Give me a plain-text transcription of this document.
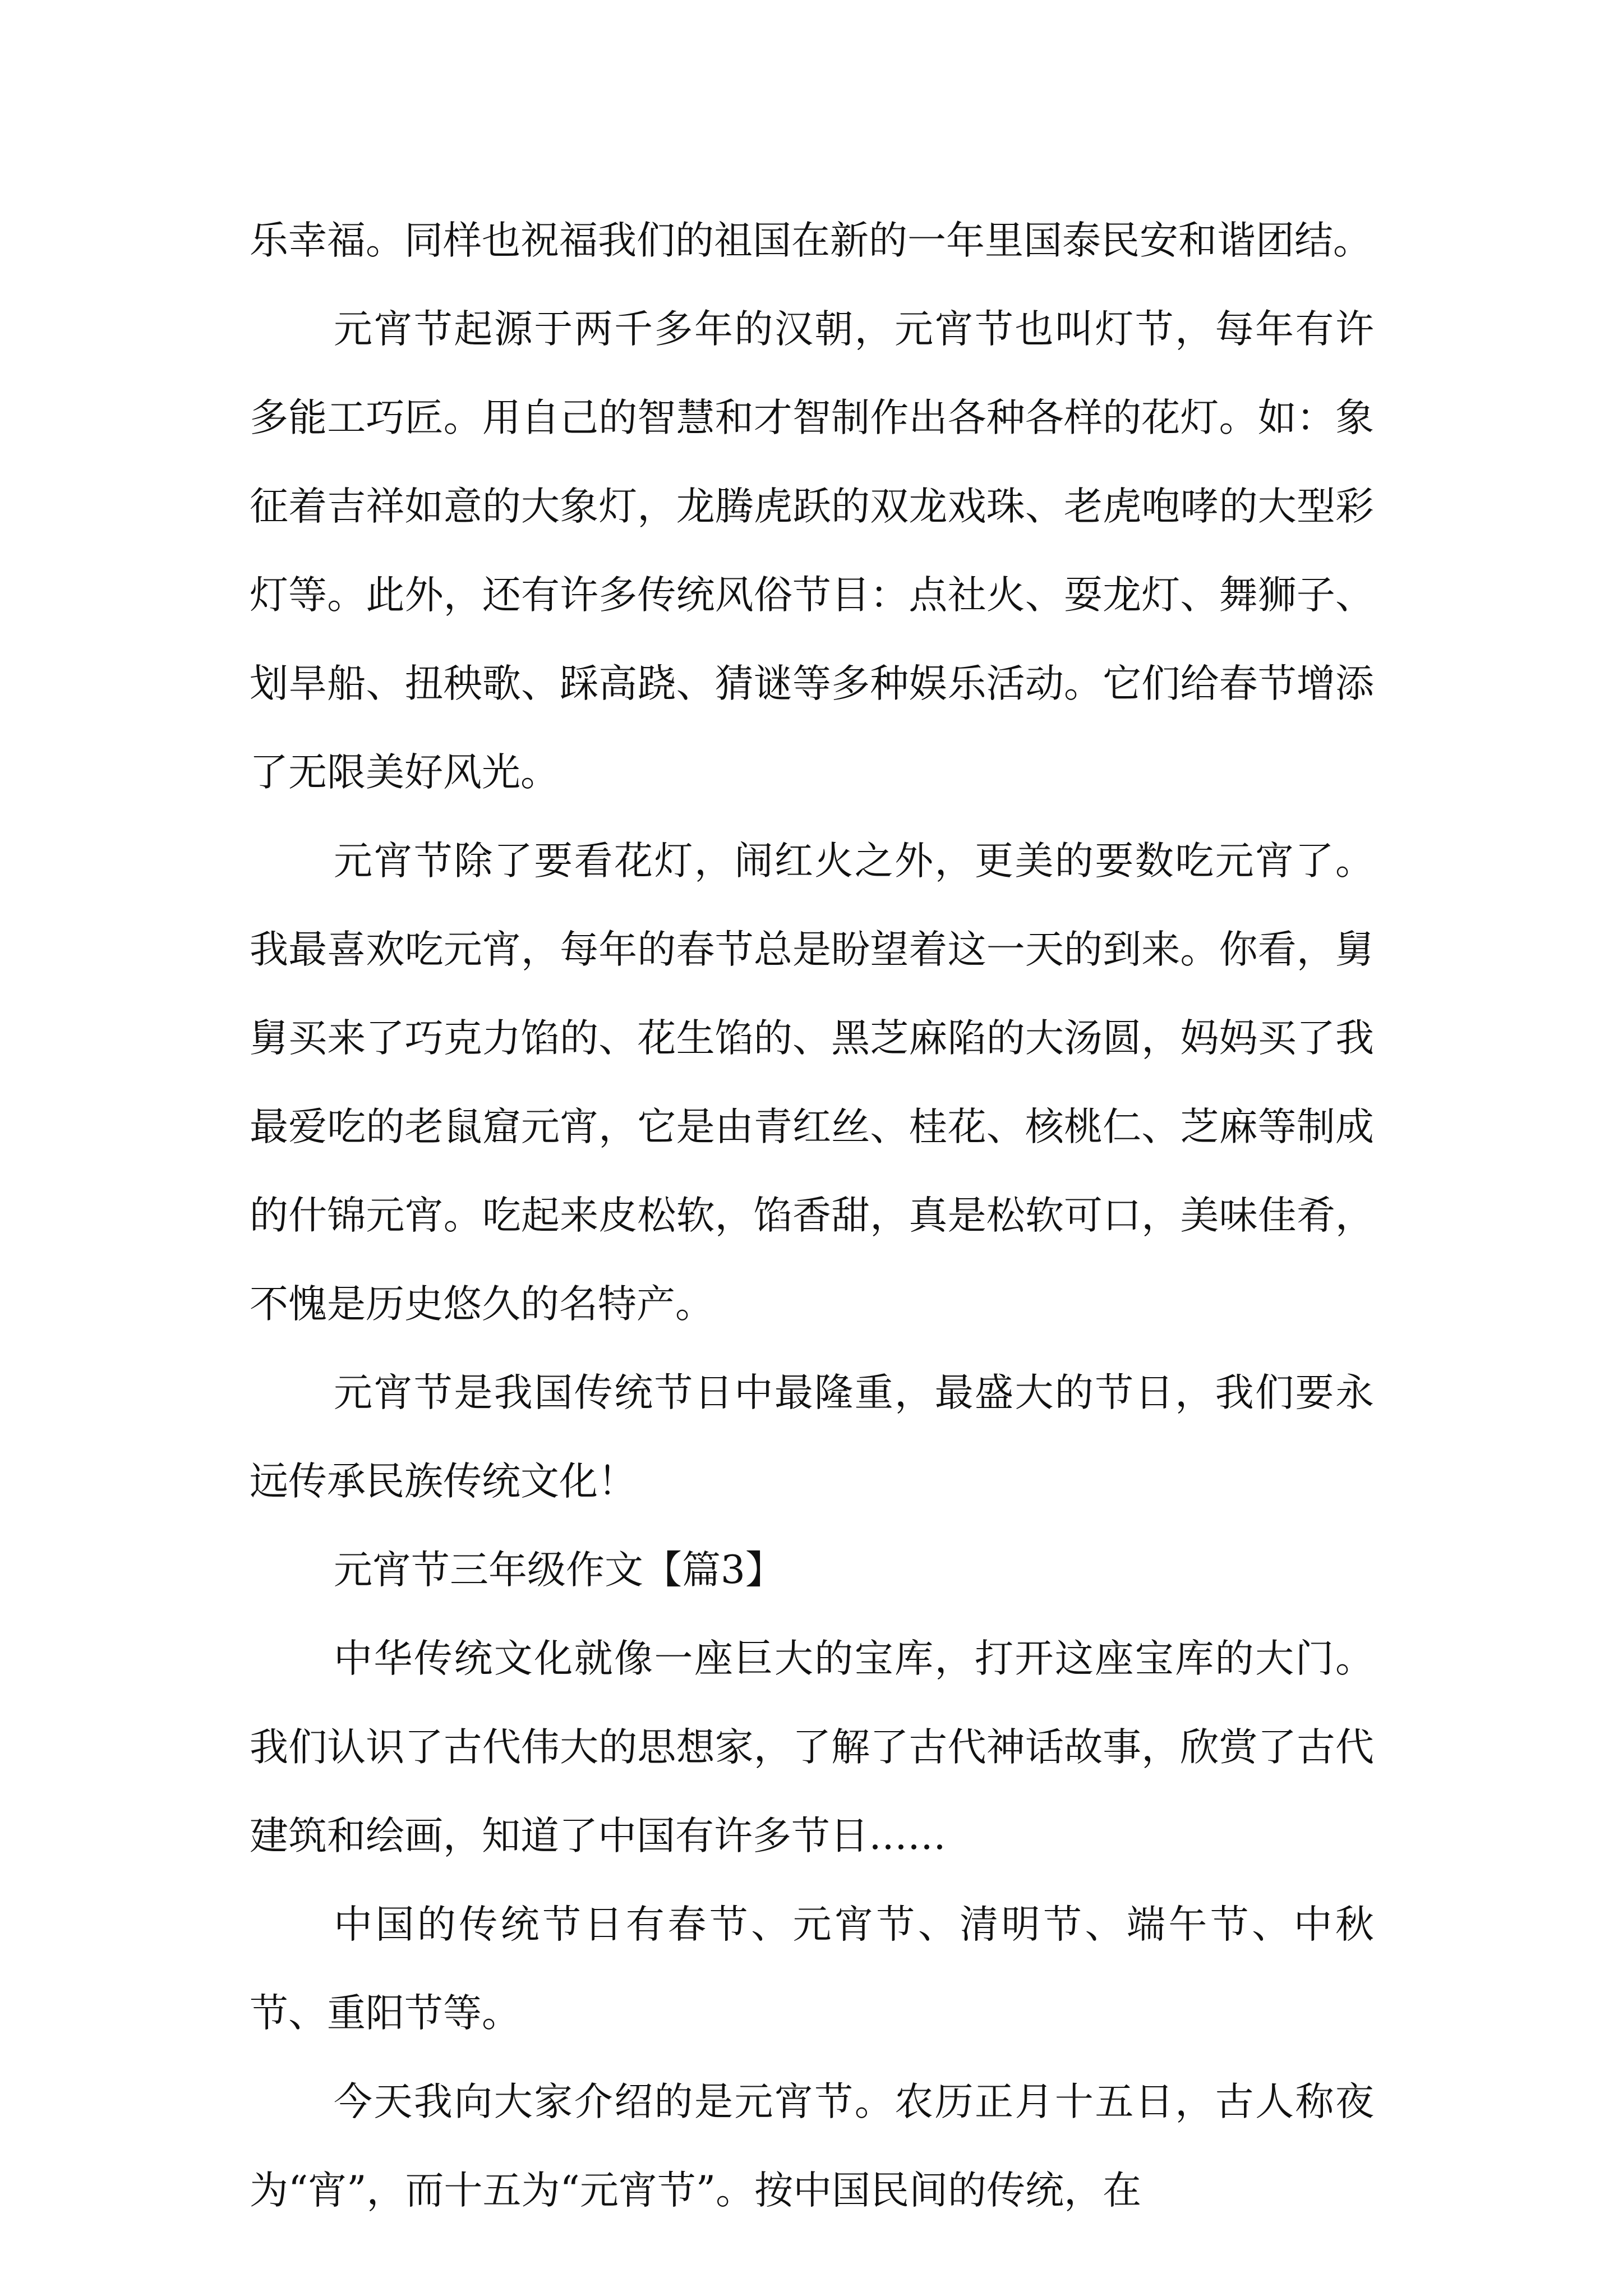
乐幸福。同样也祝福我们的祖国在新的一年里国泰民安和谐团结。

元宵节起源于两千多年的汉朝，元宵节也叫灯节，每年有许多能工巧匠。用自己的智慧和才智制作出各种各样的花灯。如：象征着吉祥如意的大象灯，龙腾虎跃的双龙戏珠、老虎咆哮的大型彩灯等。此外，还有许多传统风俗节目：点社火、耍龙灯、舞狮子、划旱船、扭秧歌、踩高跷、猜谜等多种娱乐活动。它们给春节增添了无限美好风光。

元宵节除了要看花灯，闹红火之外，更美的要数吃元宵了。我最喜欢吃元宵，每年的春节总是盼望着这一天的到来。你看，舅舅买来了巧克力馅的、花生馅的、黑芝麻陷的大汤圆，妈妈买了我最爱吃的老鼠窟元宵，它是由青红丝、桂花、核桃仁、芝麻等制成的什锦元宵。吃起来皮松软，馅香甜，真是松软可口，美味佳肴，不愧是历史悠久的名特产。

元宵节是我国传统节日中最隆重，最盛大的节日，我们要永远传承民族传统文化！

元宵节三年级作文【篇3】

中华传统文化就像一座巨大的宝库，打开这座宝库的大门。我们认识了古代伟大的思想家，了解了古代神话故事，欣赏了古代建筑和绘画，知道了中国有许多节日……

中国的传统节日有春节、元宵节、清明节、端午节、中秋节、重阳节等。

今天我向大家介绍的是元宵节。农历正月十五日，古人称夜为“宵”，而十五为“元宵节”。按中国民间的传统，在
